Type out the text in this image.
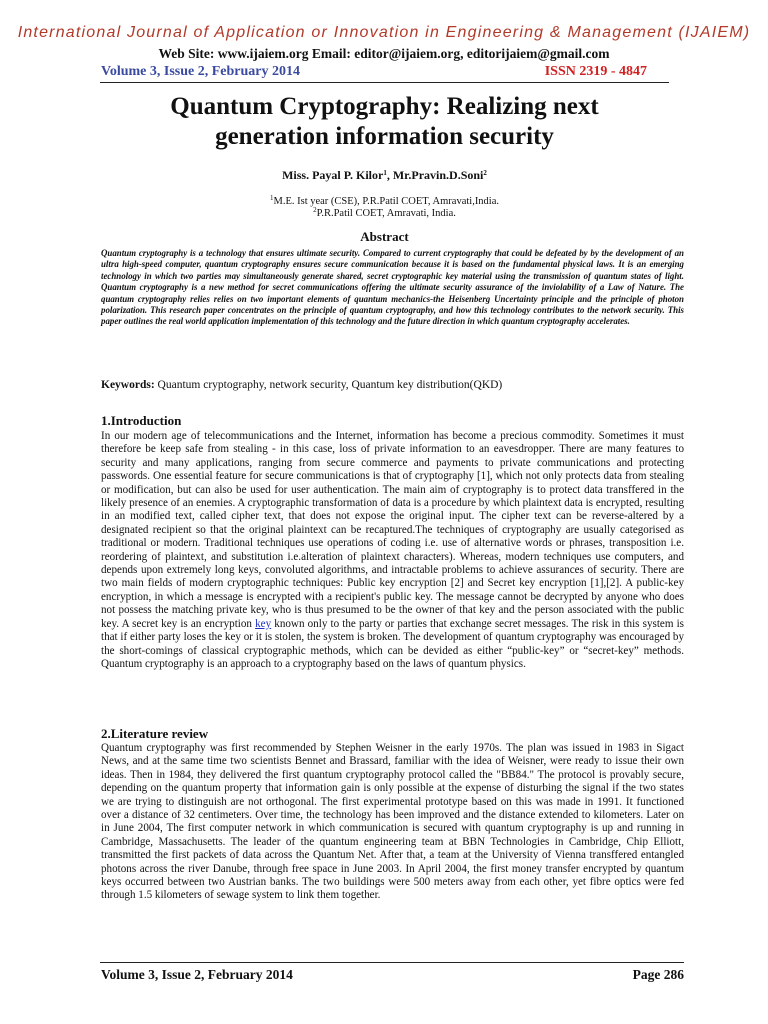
International Journal of Application or Innovation in Engineering & Management (IJAIEM)
Web Site: www.ijaiem.org Email: editor@ijaiem.org, editorijaiem@gmail.com
Volume 3, Issue 2, February 2014	ISSN 2319 - 4847
Quantum Cryptography: Realizing next
generation information security
Miss. Payal P. Kilor$^1$, Mr.Pravin.D.Soni$^2$
$^1$M.E. Ist year (CSE), P.R.Patil COET, Amravati,India.
$^2$P.R.Patil COET, Amravati, India.
Abstract
Quantum cryptography is a technology that ensures ultimate security. Compared to current cryptography that could be defeated by by the development of an ultra high-speed computer, quantum cryptography ensures secure communication because it is based on the fundamental physical laws. It is an emerging technology in which two parties may simultaneously generate shared, secret cryptographic key material using the transmission of quantum states of light. Quantum cryptography is a new method for secret communications offering the ultimate security assurance of the inviolability of a Law of Nature. The quantum cryptography relies relies on two important elements of quantum mechanics-the Heisenberg Uncertainty principle and the principle of photon polarization. This research paper concentrates on the principle of quantum cryptography, and how this technology contributes to the network security. This paper outlines the real world application implementation of this technology and the future direction in which quantum cryptography accelerates.
Keywords: Quantum cryptography, network security, Quantum key distribution(QKD)
1.Introduction
In our modern age of telecommunications and the Internet, information has become a precious commodity. Sometimes it must therefore be keep safe from stealing - in this case, loss of private information to an eavesdropper. There are many features to security and many applications, ranging from secure commerce and payments to private communications and protecting passwords. One essential feature for secure communications is that of cryptography [1], which not only protects data from stealing or modification, but can also be used for user authentication. The main aim of cryptography is to protect data transffered in the likely presence of an enemies. A cryptographic transformation of data is a procedure by which plaintext data is encrypted, resulting in an modified text, called cipher text, that does not expose the original input. The cipher text can be reverse-altered by a designated recipient so that the original plaintext can be recaptured.The techniques of cryptography are usually categorised as traditional or modern. Traditional techniques use operations of coding i.e. use of alternative words or phrases, transposition i.e. reordering of plaintext, and substitution i.e.alteration of plaintext characters). Whereas, modern techniques use computers, and depends upon extremely long keys, convoluted algorithms, and intractable problems to achieve assurances of security. There are two main fields of modern cryptographic techniques: Public key encryption [2] and Secret key encryption [1],[2]. A public-key encryption, in which a message is encrypted with a recipient's public key. The message cannot be decrypted by anyone who does not possess the matching private key, who is thus presumed to be the owner of that key and the person associated with the public key. A secret key is an encryption key known only to the party or parties that exchange secret messages. The risk in this system is that if either party loses the key or it is stolen, the system is broken. The development of quantum cryptography was encouraged by the short-comings of classical cryptographic methods, which can be devided as either “public-key” or “secret-key” methods. Quantum cryptography is an approach to a cryptography based on the laws of quantum physics.
2.Literature review
Quantum cryptography was first recommended by Stephen Weisner in the early 1970s. The plan was issued in 1983 in Sigact News, and at the same time two scientists Bennet and Brassard, familiar with the idea of Weisner, were ready to issue their own ideas. Then in 1984, they delivered the first quantum cryptography protocol called the "BB84." The protocol is provably secure, depending on the quantum property that information gain is only possible at the expense of disturbing the signal if the two states we are trying to distinguish are not orthogonal. The first experimental prototype based on this was made in 1991. It functioned over a distance of 32 centimeters. Over time, the technology has been improved and the distance extended to kilometers. Later on in June 2004, The first computer network in which communication is secured with quantum cryptography is up and running in Cambridge, Massachusetts. The leader of the quantum engineering team at BBN Technologies in Cambridge, Chip Elliott, transmitted the first packets of data across the Quantum Net. After that, a team at the University of Vienna transffered entangled photons across the river Danube, through free space in June 2003. In April 2004, the first money transfer encrypted by quantum keys occurred between two Austrian banks. The two buildings were 500 meters away from each other, yet fibre optics were fed through 1.5 kilometers of sewage system to link them together.
Volume 3, Issue 2, February 2014	Page 286
